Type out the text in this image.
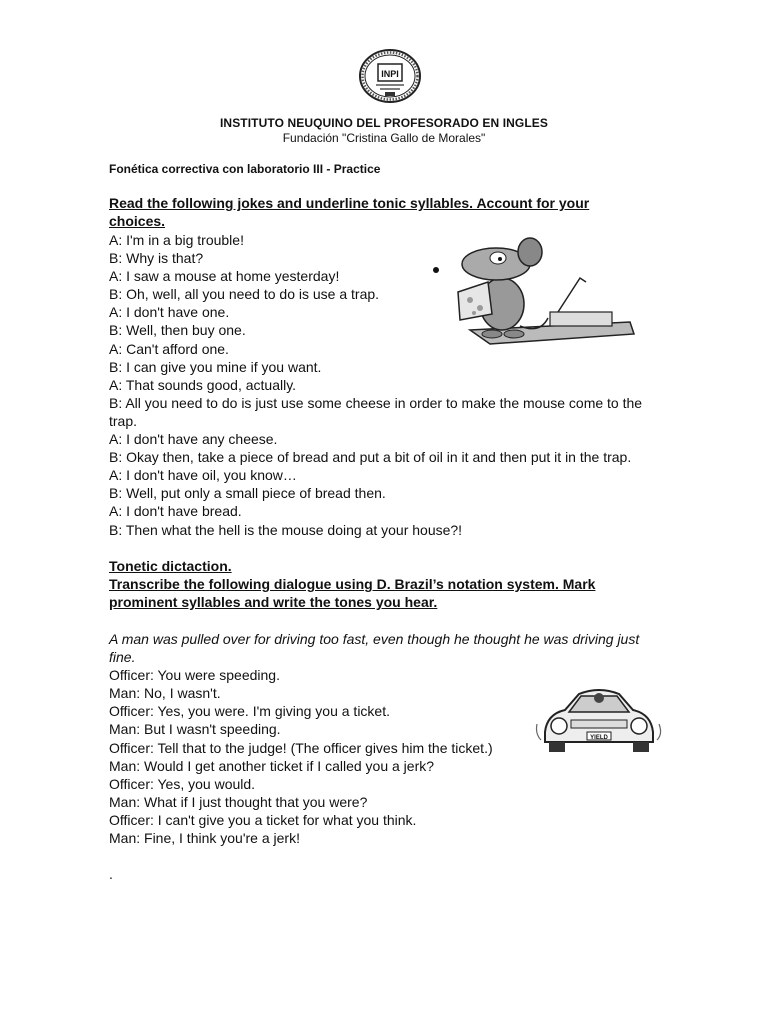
INPI
INSTITUTO NEUQUINO DEL PROFESORADO EN INGLES
Fundación "Cristina Gallo de Morales"
Fonética correctiva con laboratorio III - Practice
Read the following jokes and underline tonic syllables. Account for your choices.
A: I'm in a big trouble!
B: Why is that?
A: I saw a mouse at home yesterday!
B: Oh, well, all you need to do is use a trap.
A: I don't have one.
B: Well, then buy one.
A: Can't afford one.
B: I can give you mine if you want.
A: That sounds good, actually.
B: All you need to do is just use some cheese in order to make the mouse come to the trap.
A: I don't have any cheese.
B: Okay then, take a piece of bread and put a bit of oil in it and then put it in the trap.
A: I don't have oil, you know…
B: Well, put only a small piece of bread then.
A: I don't have bread.
B: Then what the hell is the mouse doing at your house?!
Tonetic dictaction.
Transcribe the following dialogue using D. Brazil’s notation system. Mark prominent syllables and write the tones you hear.
A man was pulled over for driving too fast, even though he thought he was driving just fine.
Officer: You were speeding.
Man: No, I wasn't.
Officer: Yes, you were. I'm giving you a ticket.
Man: But I wasn't speeding.
Officer: Tell that to the judge! (The officer gives him the ticket.)
Man: Would I get another ticket if I called you a jerk?
Officer: Yes, you would.
Man: What if I just thought that you were?
Officer: I can't give you a ticket for what you think.
Man: Fine, I think you're a jerk!
YIELD
.
